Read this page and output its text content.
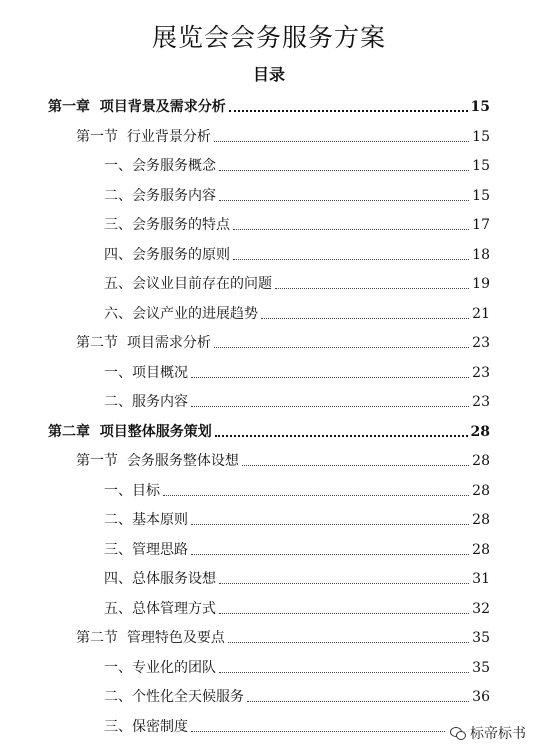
展览会会务服务方案
目录
第一章  项目背景及需求分析	15
第一节  行业背景分析	15
一、会务服务概念	15
二、会务服务内容	15
三、会务服务的特点	17
四、会务服务的原则	18
五、会议业目前存在的问题	19
六、会议产业的进展趋势	21
第二节  项目需求分析	23
一、项目概况	23
二、服务内容	23
第二章  项目整体服务策划	28
第一节  会务服务整体设想	28
一、目标	28
二、基本原则	28
三、管理思路	28
四、总体服务设想	31
五、总体管理方式	32
第二节  管理特色及要点	35
一、专业化的团队	35
二、个性化全天候服务	36
三、保密制度	标帝标书
